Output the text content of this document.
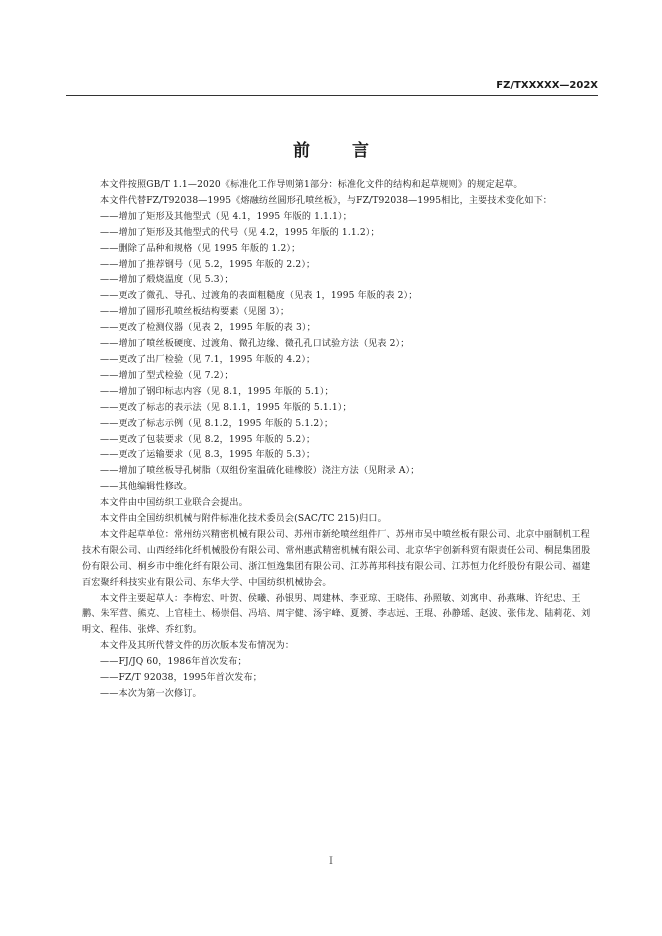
FZ/TXXXXX—202X
前 言

本文件按照GB/T 1.1—2020《标准化工作导则第1部分：标准化文件的结构和起草规则》的规定起草。

本文件代替FZ/T92038—1995《熔融纺丝圆形孔喷丝板》，与FZ/T92038—1995相比，主要技术变化如下：

——增加了矩形及其他型式（见 4.1，1995 年版的 1.1.1）；

——增加了矩形及其他型式的代号（见 4.2，1995 年版的 1.1.2）；

——删除了品种和规格（见 1995 年版的 1.2）；

——增加了推荐钢号（见 5.2，1995 年版的 2.2）；

——增加了煅烧温度（见 5.3）；

——更改了微孔、导孔、过渡角的表面粗糙度（见表 1，1995 年版的表 2）；

——增加了圆形孔喷丝板结构要素（见图 3）；

——更改了检测仪器（见表 2，1995 年版的表 3）；

——增加了喷丝板硬度、过渡角、微孔边缘、微孔孔口试验方法（见表 2）；

——更改了出厂检验（见 7.1，1995 年版的 4.2）；

——增加了型式检验（见 7.2）；

——增加了钢印标志内容（见 8.1，1995 年版的 5.1）；

——更改了标志的表示法（见 8.1.1，1995 年版的 5.1.1）；

——更改了标志示例（见 8.1.2，1995 年版的 5.1.2）；

——更改了包装要求（见 8.2，1995 年版的 5.2）；

——更改了运输要求（见 8.3，1995 年版的 5.3）；

——增加了喷丝板导孔树脂（双组份室温硫化硅橡胶）浇注方法（见附录 A）；

——其他编辑性修改。

本文件由中国纺织工业联合会提出。

本文件由全国纺织机械与附件标准化技术委员会(SAC/TC 215)归口。

本文件起草单位：常州纺兴精密机械有限公司、苏州市新纶喷丝组件厂、苏州市吴中喷丝板有限公司、北京中丽制机工程技术有限公司、山西经纬化纤机械股份有限公司、常州惠武精密机械有限公司、北京华宇创新科贸有限责任公司、桐昆集团股份有限公司、桐乡市中维化纤有限公司、浙江恒逸集团有限公司、江苏苒邦科技有限公司、江苏恒力化纤股份有限公司、福建百宏聚纤科技实业有限公司、东华大学、中国纺织机械协会。

本文件主要起草人：李梅宏、叶贺、侯曦、孙银男、周建林、李亚琼、王晓伟、孙照敏、刘寓申、孙燕琳、许纪忠、王鹏、朱军营、熊克、上官桂土、杨崇倡、冯培、周宇健、汤宇峰、夏赟、李志远、王琨、孙静瑶、赵波、张伟龙、陆莉花、刘明文、程伟、张烨、乔红豹。

本文件及其所代替文件的历次版本发布情况为：

——FJ/JQ 60，1986年首次发布；

——FZ/T 92038，1995年首次发布；

——本次为第一次修订。

I
